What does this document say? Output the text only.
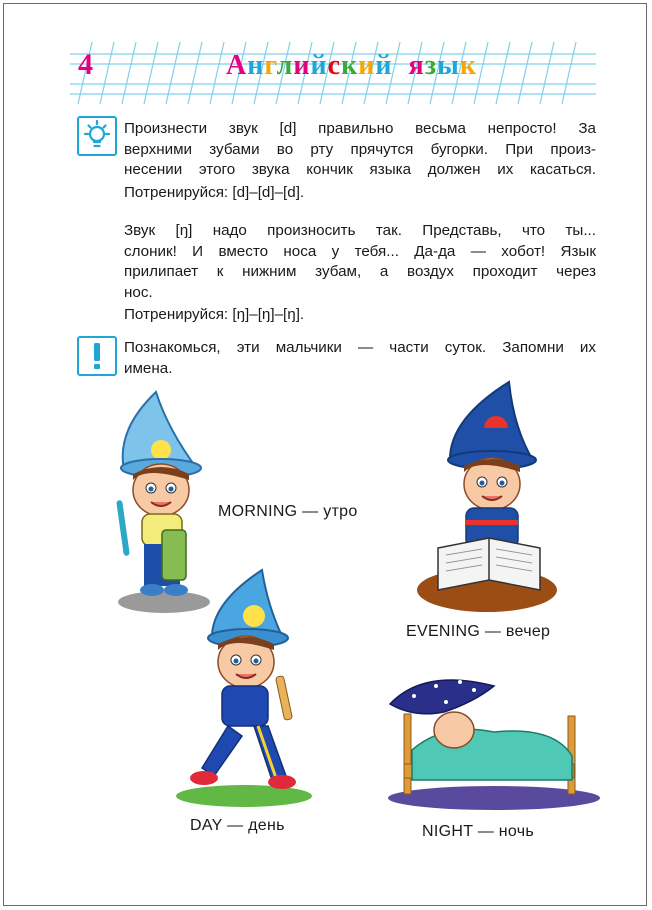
4	Английский язык
Произнести звук [d] правильно весьма непросто! За
верхними зубами во рту прячутся бугорки. При произ-
несении этого звука кончик языка должен их касаться.
Потренируйся: [d]–[d]–[d].
Звук [ŋ] надо произносить так. Представь, что ты...
слоник! И вместо носа у тебя... Да-да — хобот! Язык
прилипает к нижним зубам, а воздух проходит через
нос.
Потренируйся: [ŋ]–[ŋ]–[ŋ].
Познакомься, эти мальчики — части суток. Запомни их
имена.
MORNING — утро
EVENING — вечер
DAY — день	NIGHT — ночь
